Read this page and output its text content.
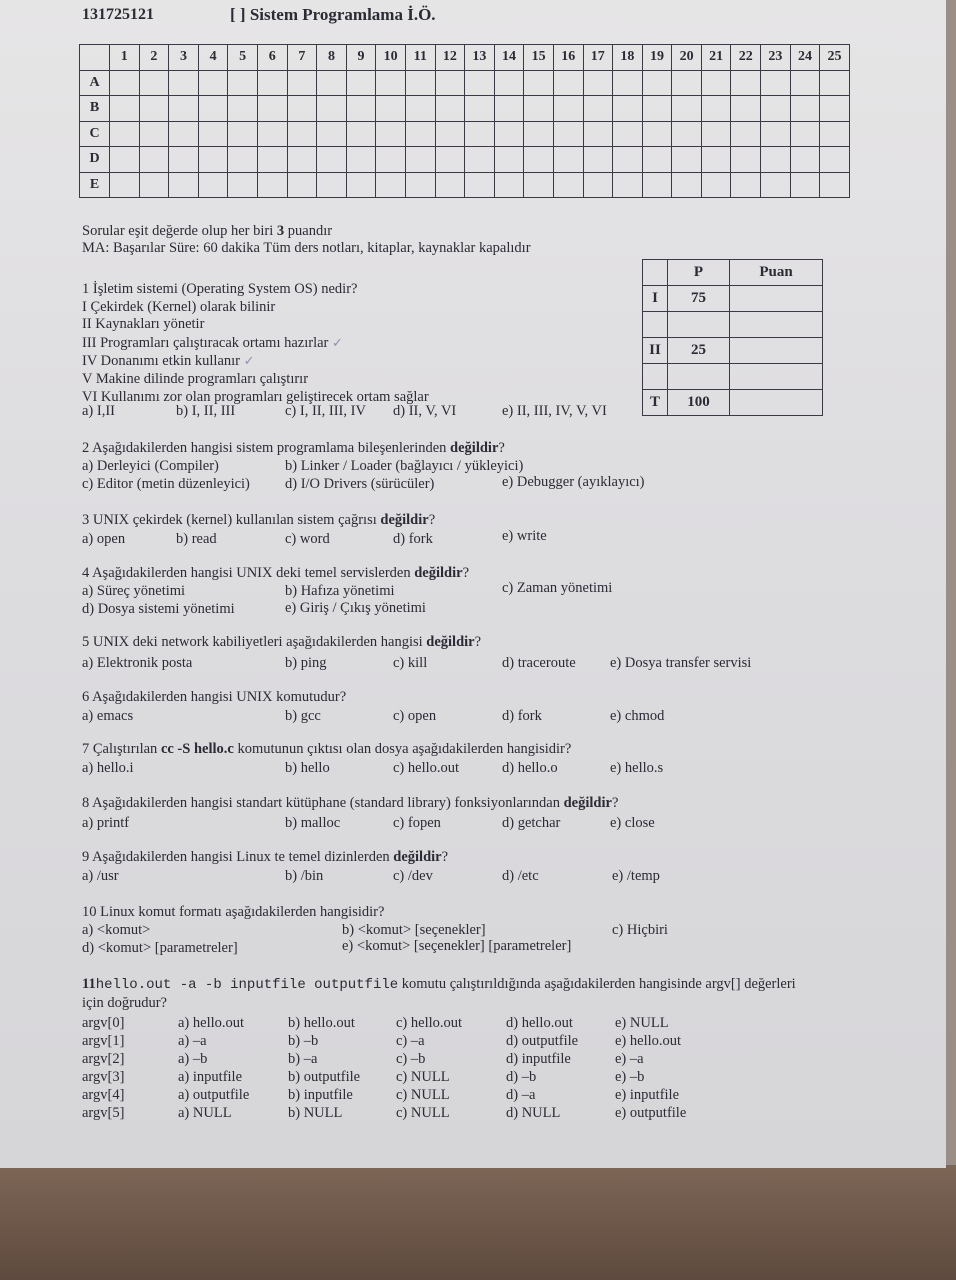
131725121	[ ] Sistem Programlama İ.Ö.
	1	2	3	4	5	6	7	8	9	10	11	12	13	14	15	16	17	18	19	20	21	22	23	24	25
A																									
B																									
C																									
D																									
E																									
Sorular eşit değerde olup her biri 3 puandır
MA: Başarılar Süre: 60 dakika Tüm ders notları, kitaplar, kaynaklar kapalıdır
	P	Puan
I	75	

II	25	

T	100	
1 İşletim sistemi (Operating System OS) nedir?
I Çekirdek (Kernel) olarak bilinir
II Kaynakları yönetir
III Programları çalıştıracak ortamı hazırlar ✓
IV Donanımı etkin kullanır ✓
V Makine dilinde programları çalıştırır
VI Kullanımı zor olan programları geliştirecek ortam sağlar
a) I,II	b) I, II, III	c) I, II, III, IV d) II, V, VI	e) II, III, IV, V, VI
2 Aşağıdakilerden hangisi sistem programlama bileşenlerinden değildir?
a) Derleyici (Compiler)	b) Linker / Loader (bağlayıcı / yükleyici)
c) Editor (metin düzenleyici) d) I/O Drivers (sürücüler)	e) Debugger (ayıklayıcı)
3 UNIX çekirdek (kernel) kullanılan sistem çağrısı değildir?
a) open	b) read	c) word	d) fork	e) write
4 Aşağıdakilerden hangisi UNIX deki temel servislerden değildir?
a) Süreç yönetimi	b) Hafıza yönetimi	c) Zaman yönetimi
d) Dosya sistemi yönetimi	e) Giriş / Çıkış yönetimi
5 UNIX deki network kabiliyetleri aşağıdakilerden hangisi değildir?
a) Elektronik posta	b) ping	c) kill	d) traceroute e) Dosya transfer servisi
6 Aşağıdakilerden hangisi UNIX komutudur?
a) emacs	b) gcc	c) open	d) fork	e) chmod
7 Çalıştırılan cc -S hello.c komutunun çıktısı olan dosya aşağıdakilerden hangisidir?
a) hello.i	b) hello	c) hello.out	d) hello.o	e) hello.s
8 Aşağıdakilerden hangisi standart kütüphane (standard library) fonksiyonlarından değildir?
a) printf	b) malloc	c) fopen	d) getchar	e) close
9 Aşağıdakilerden hangisi Linux te temel dizinlerden değildir?
a) /usr	b) /bin	c) /dev	d) /etc	e) /temp
10 Linux komut formatı aşağıdakilerden hangisidir?
a) <komut>	b) <komut> [seçenekler]	c) Hiçbiri
d) <komut> [parametreler]	e) <komut> [seçenekler] [parametreler]
11hello.out -a -b inputfile outputfile komutu çalıştırıldığında aşağıdakilerden hangisinde argv[] değerleri
için doğrudur?
argv[0]	a) hello.out	b) hello.out	c) hello.out	d) hello.out	e) NULL
argv[1]	a) –a	b) –b	c) –a	d) outputfile	e) hello.out
argv[2]	a) –b	b) –a	c) –b	d) inputfile	e) –a
argv[3]	a) inputfile	b) outputfile c) NULL	d) –b	e) –b
argv[4]	a) outputfile	b) inputfile	c) NULL	d) –a	e) inputfile
argv[5]	a) NULL	b) NULL	c) NULL	d) NULL	e) outputfile
